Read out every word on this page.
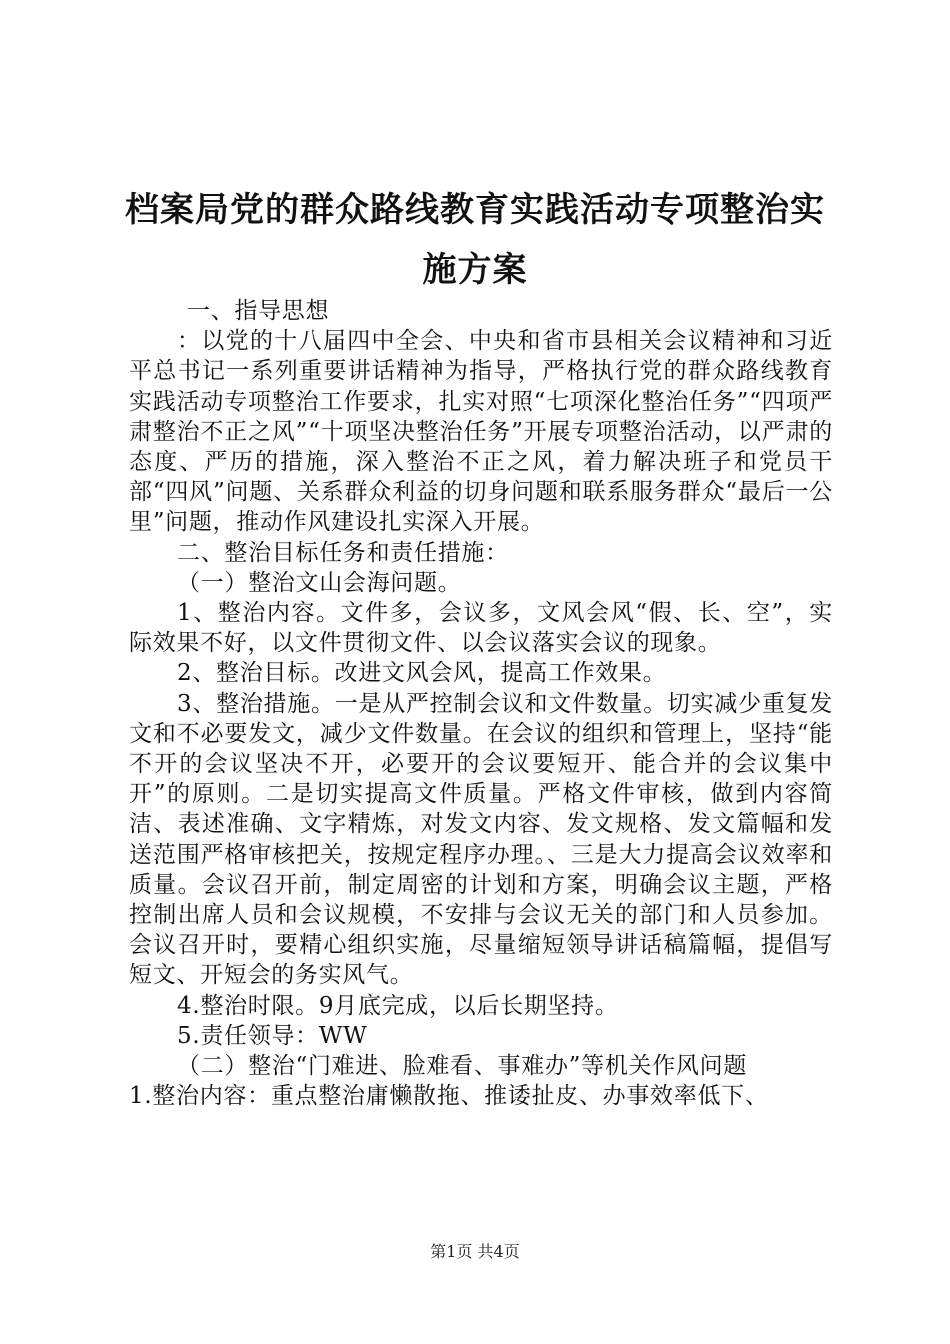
档案局党的群众路线教育实践活动专项整治实施方案

一、指导思想

：以党的十八届四中全会、中央和省市县相关会议精神和习近平总书记一系列重要讲话精神为指导，严格执行党的群众路线教育实践活动专项整治工作要求，扎实对照“七项深化整治任务”“四项严肃整治不正之风”“十项坚决整治任务”开展专项整治活动，以严肃的态度、严历的措施，深入整治不正之风，着力解决班子和党员干部“四风”问题、关系群众利益的切身问题和联系服务群众“最后一公里”问题，推动作风建设扎实深入开展。

二、整治目标任务和责任措施：

（一）整治文山会海问题。

1、整治内容。文件多，会议多，文风会风“假、长、空”，实际效果不好，以文件贯彻文件、以会议落实会议的现象。

2、整治目标。改进文风会风，提高工作效果。

3、整治措施。一是从严控制会议和文件数量。切实减少重复发文和不必要发文，减少文件数量。在会议的组织和管理上，坚持“能不开的会议坚决不开，必要开的会议要短开、能合并的会议集中开”的原则。二是切实提高文件质量。严格文件审核，做到内容简洁、表述准确、文字精炼，对发文内容、发文规格、发文篇幅和发送范围严格审核把关，按规定程序办理。、三是大力提高会议效率和质量。会议召开前，制定周密的计划和方案，明确会议主题，严格控制出席人员和会议规模，不安排与会议无关的部门和人员参加。会议召开时，要精心组织实施，尽量缩短领导讲话稿篇幅，提倡写短文、开短会的务实风气。

4.整治时限。9月底完成，以后长期坚持。

5.责任领导：WW

（二）整治“门难进、脸难看、事难办”等机关作风问题

1.整治内容：重点整治庸懒散拖、推诿扯皮、办事效率低下、

第1页 共4页
